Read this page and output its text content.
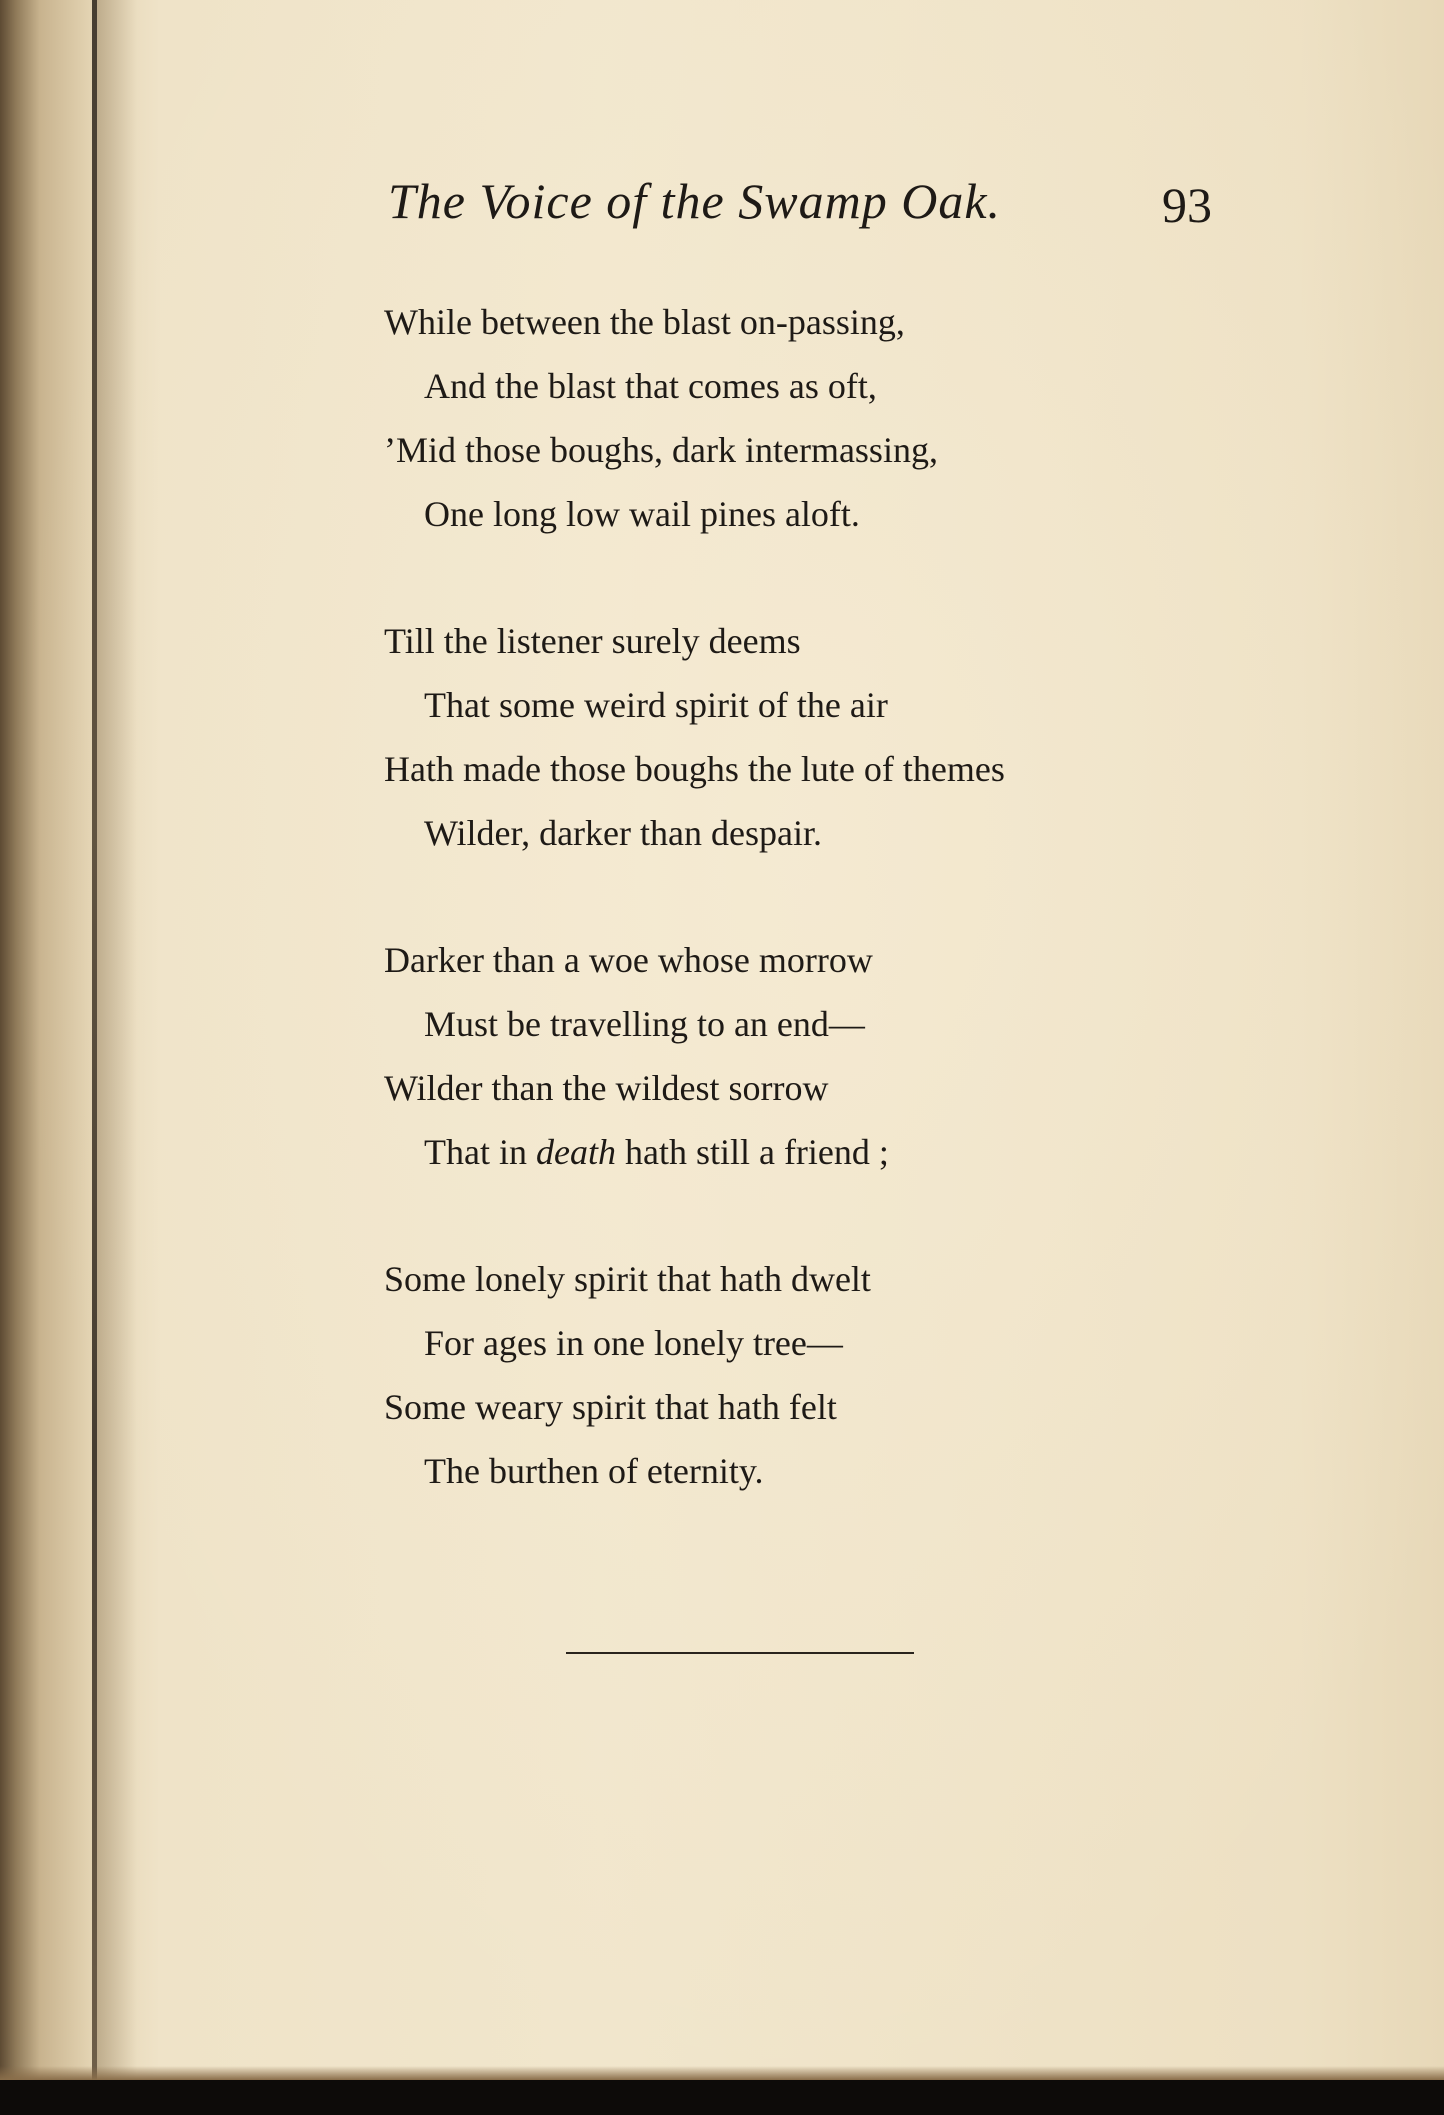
The Voice of the Swamp Oak.	93
While between the blast on-passing,
And the blast that comes as oft,
’Mid those boughs, dark intermassing,
One long low wail pines aloft.
Till the listener surely deems
That some weird spirit of the air
Hath made those boughs the lute of themes
Wilder, darker than despair.
Darker than a woe whose morrow
Must be travelling to an end—
Wilder than the wildest sorrow
That in death hath still a friend ;
Some lonely spirit that hath dwelt
For ages in one lonely tree—
Some weary spirit that hath felt
The burthen of eternity.
